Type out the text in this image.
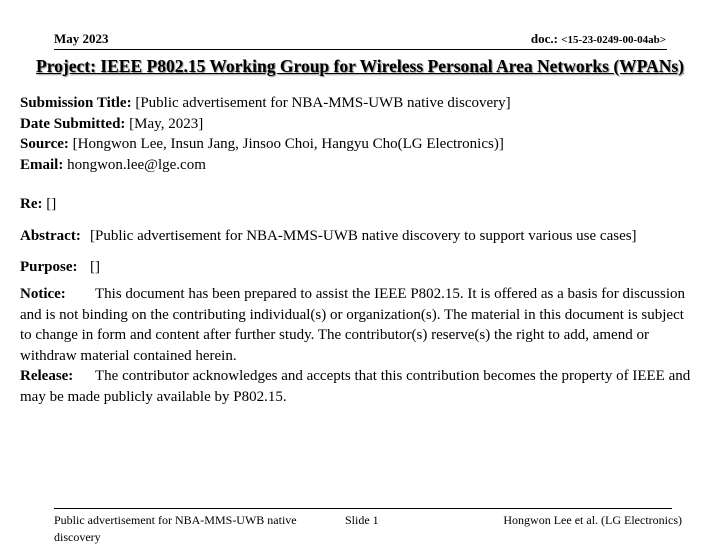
May 2023	doc.: <15-23-0249-00-04ab>
Project: IEEE P802.15 Working Group for Wireless Personal Area Networks (WPANs)
Submission Title: [Public advertisement for NBA-MMS-UWB native discovery]
Date Submitted: [May, 2023]
Source: [Hongwon Lee, Insun Jang, Jinsoo Choi, Hangyu Cho(LG Electronics)]
Email: hongwon.lee@lge.com
Re: []
Abstract: [Public advertisement for NBA-MMS-UWB native discovery to support various use cases]
Purpose: []
Notice: This document has been prepared to assist the IEEE P802.15. It is offered as a basis for discussion and is not binding on the contributing individual(s) or organization(s). The material in this document is subject to change in form and content after further study. The contributor(s) reserve(s) the right to add, amend or withdraw material contained herein.
Release: The contributor acknowledges and accepts that this contribution becomes the property of IEEE and may be made publicly available by P802.15.
Public advertisement for NBA-MMS-UWB native discovery
Slide 1	Hongwon Lee et al. (LG Electronics)
